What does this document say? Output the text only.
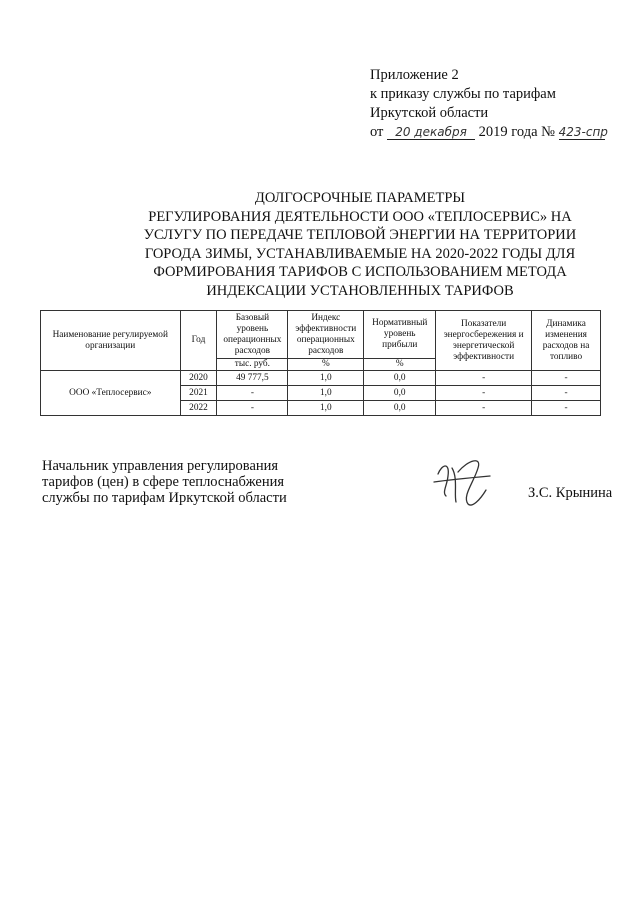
Приложение 2
к приказу службы по тарифам
Иркутской области
от 20 декабря 2019 года № 423-спр
ДОЛГОСРОЧНЫЕ ПАРАМЕТРЫ
РЕГУЛИРОВАНИЯ ДЕЯТЕЛЬНОСТИ ООО «ТЕПЛОСЕРВИС» НА
УСЛУГУ ПО ПЕРЕДАЧЕ ТЕПЛОВОЙ ЭНЕРГИИ НА ТЕРРИТОРИИ
ГОРОДА ЗИМЫ, УСТАНАВЛИВАЕМЫЕ НА 2020-2022 ГОДЫ ДЛЯ
ФОРМИРОВАНИЯ ТАРИФОВ С ИСПОЛЬЗОВАНИЕМ МЕТОДА
ИНДЕКСАЦИИ УСТАНОВЛЕННЫХ ТАРИФОВ
Наименование регулируемой организации	Год	Базовый уровень операционных расходов	Индекс эффективности операционных расходов	Нормативный уровень прибыли	Показатели энергосбережения и энергетической эффективности	Динамика изменения расходов на топливо
		тыс. руб.	%	%		
ООО «Теплосервис»	2020	49 777,5	1,0	0,0	-	-
	2021	-	1,0	0,0	-	-
	2022	-	1,0	0,0	-	-
Начальник управления регулирования
тарифов (цен) в сфере теплоснабжения
службы по тарифам Иркутской области	З.С. Крынина
